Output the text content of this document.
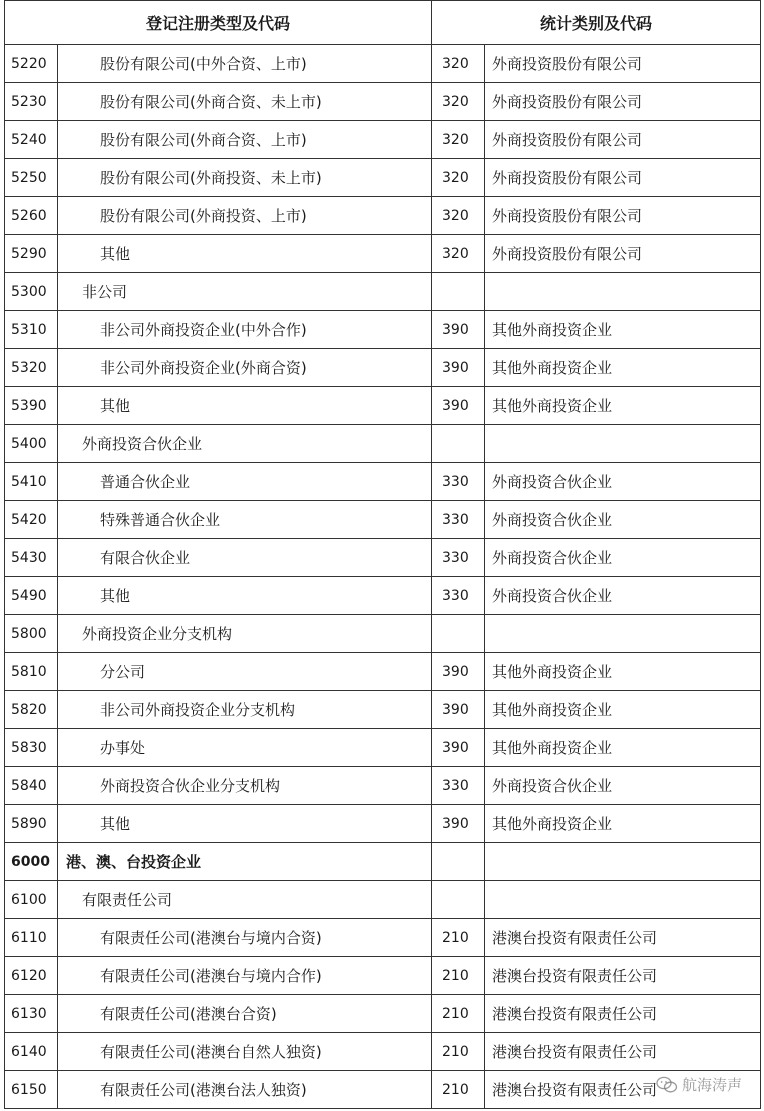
登记注册类型及代码		统计类别及代码	
5220	股份有限公司(中外合资、上市)	320	外商投资股份有限公司
5230	股份有限公司(外商合资、未上市)	320	外商投资股份有限公司
5240	股份有限公司(外商合资、上市)	320	外商投资股份有限公司
5250	股份有限公司(外商投资、未上市)	320	外商投资股份有限公司
5260	股份有限公司(外商投资、上市)	320	外商投资股份有限公司
5290	其他	320	外商投资股份有限公司
5300	非公司		
5310	非公司外商投资企业(中外合作)	390	其他外商投资企业
5320	非公司外商投资企业(外商合资)	390	其他外商投资企业
5390	其他	390	其他外商投资企业
5400	外商投资合伙企业		
5410	普通合伙企业	330	外商投资合伙企业
5420	特殊普通合伙企业	330	外商投资合伙企业
5430	有限合伙企业	330	外商投资合伙企业
5490	其他	330	外商投资合伙企业
5800	外商投资企业分支机构		
5810	分公司	390	其他外商投资企业
5820	非公司外商投资企业分支机构	390	其他外商投资企业
5830	办事处	390	其他外商投资企业
5840	外商投资合伙企业分支机构	330	外商投资合伙企业
5890	其他	390	其他外商投资企业
6000	港、澳、台投资企业		
6100	有限责任公司		
6110	有限责任公司(港澳台与境内合资)	210	港澳台投资有限责任公司
6120	有限责任公司(港澳台与境内合作)	210	港澳台投资有限责任公司
6130	有限责任公司(港澳台合资)	210	港澳台投资有限责任公司
6140	有限责任公司(港澳台自然人独资)	210	港澳台投资有限责任公司
6150	有限责任公司(港澳台法人独资)	210	港澳台投资有限责任公司 航海涛声
